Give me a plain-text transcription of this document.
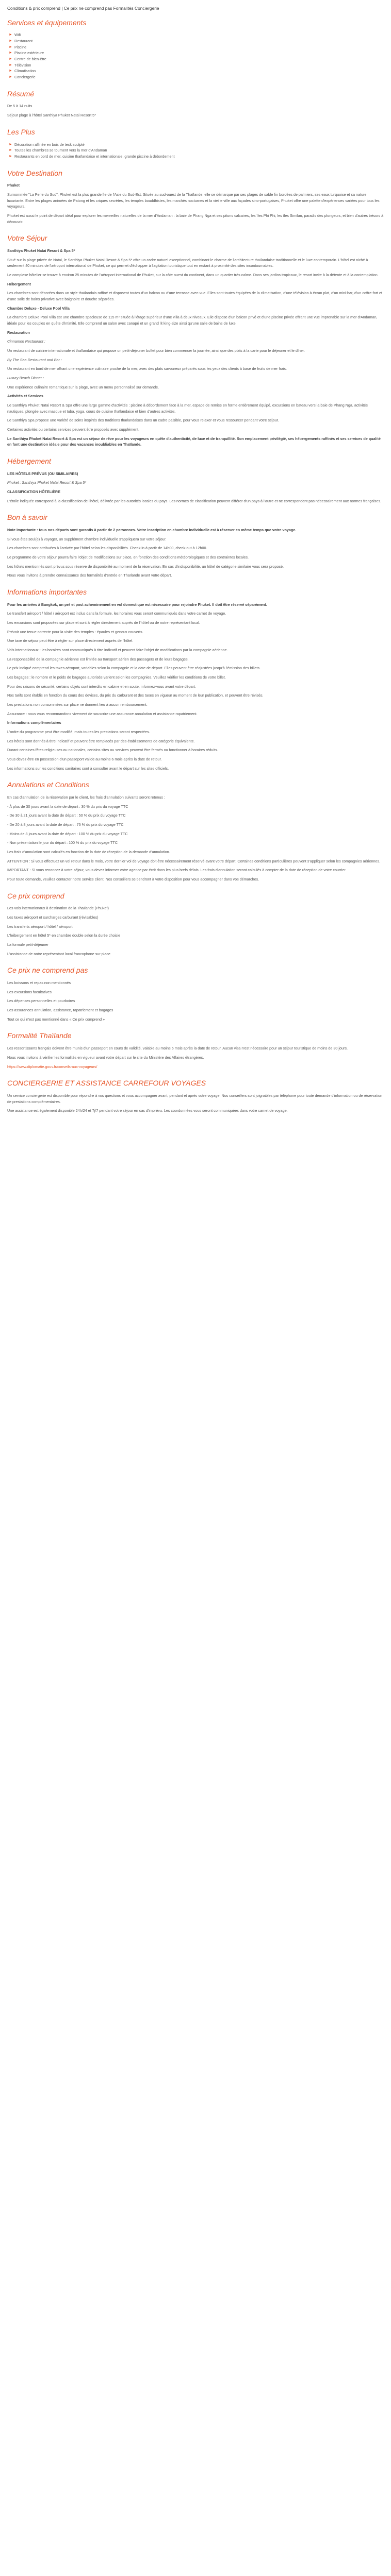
Conditions & prix comprend | Ce prix ne comprend pas Formalités Conciergerie
Services et équipements
► Wifi
► Restaurant
► Piscine
► Piscine extérieure
► Centre de bien-être
► Télévision
► Climatisation
► Conciergerie
Résumé

De 5 à 14 nuits

Séjour plage à l'hôtel Santhiya Phuket Natai Resort 5*

Les Plus
► Décoration raffinée en bois de teck sculpté
► Toutes les chambres se tournent vers la mer d'Andaman
► Restaurants en bord de mer, cuisine thaïlandaise et internationale, grande piscine à débordement
Votre Destination

Phuket

Surnommée "La Perle du Sud", Phuket est la plus grande île de l'Asie du Sud-Est. Située au sud-ouest de la Thaïlande, elle se démarque par ses plages de sable fin bordées de palmiers, ses eaux turquoise et sa nature luxuriante. Entre les plages animées de Patong et les criques secrètes, les temples bouddhistes, les marchés nocturnes et la vieille ville aux façades sino-portugaises, Phuket offre une palette d'expériences variées pour tous les voyageurs.

Phuket est aussi le point de départ idéal pour explorer les merveilles naturelles de la mer d'Andaman : la baie de Phang Nga et ses pitons calcaires, les îles Phi Phi, les îles Similan, paradis des plongeurs, et bien d'autres trésors à découvrir.

Votre Séjour

Santhiya Phuket Natai Resort & Spa 5*

Situé sur la plage privée de Natai, le Santhiya Phuket Natai Resort & Spa 5* offre un cadre naturel exceptionnel, combinant le charme de l'architecture thaïlandaise traditionnelle et le luxe contemporain. L'hôtel est niché à seulement 40 minutes de l'aéroport international de Phuket, ce qui permet d'échapper à l'agitation touristique tout en restant à proximité des sites incontournables.

Le complexe hôtelier se trouve à environ 25 minutes de l'aéroport international de Phuket, sur la côte ouest du continent, dans un quartier très calme. Dans ses jardins tropicaux, le resort invite à la détente et à la contemplation.

Hébergement

Les chambres sont décorées dans un style thaïlandais raffiné et disposent toutes d'un balcon ou d'une terrasse avec vue. Elles sont toutes équipées de la climatisation, d'une télévision à écran plat, d'un mini-bar, d'un coffre-fort et d'une salle de bains privative avec baignoire et douche séparées.

Chambre Deluxe - Deluxe Pool Villa

La chambre Deluxe Pool Villa est une chambre spacieuse de 115 m² située à l'étage supérieur d'une villa à deux niveaux. Elle dispose d'un balcon privé et d'une piscine privée offrant une vue imprenable sur la mer d'Andaman, idéale pour les couples en quête d'intimité. Elle comprend un salon avec canapé et un grand lit king-size ainsi qu'une salle de bains de luxe.

Restauration

Cinnamon Restaurant :

Un restaurant de cuisine internationale et thaïlandaise qui propose un petit-déjeuner buffet pour bien commencer la journée, ainsi que des plats à la carte pour le déjeuner et le dîner.

By The Sea Restaurant and Bar :

Un restaurant en bord de mer offrant une expérience culinaire proche de la mer, avec des plats savoureux préparés sous les yeux des clients à base de fruits de mer frais.

Luxury Beach Dinner :

Une expérience culinaire romantique sur la plage, avec un menu personnalisé sur demande.

Activités et Services

Le Santhiya Phuket Natai Resort & Spa offre une large gamme d'activités : piscine à débordement face à la mer, espace de remise en forme entièrement équipé, excursions en bateau vers la baie de Phang Nga, activités nautiques, plongée avec masque et tuba, yoga, cours de cuisine thaïlandaise et bien d'autres activités.

Le Santhiya Spa propose une variété de soins inspirés des traditions thaïlandaises dans un cadre paisible, pour vous relaxer et vous ressourcer pendant votre séjour.

Certaines activités ou certains services peuvent être proposés avec supplément.

Le Santhiya Phuket Natai Resort & Spa est un séjour de rêve pour les voyageurs en quête d'authenticité, de luxe et de tranquillité. Son emplacement privilégié, ses hébergements raffinés et ses services de qualité en font une destination idéale pour des vacances inoubliables en Thaïlande.

Hébergement

LES HÔTELS PRÉVUS (OU SIMILAIRES)

Phuket : Santhiya Phuket Natai Resort & Spa 5*

CLASSIFICATION HÔTELIÈRE

L'étoile indiquée correspond à la classification de l'hôtel, délivrée par les autorités locales du pays. Les normes de classification peuvent différer d'un pays à l'autre et ne correspondent pas nécessairement aux normes françaises.

Bon à savoir

Note importante : tous nos départs sont garantis à partir de 2 personnes. Votre inscription en chambre individuelle est à réserver en même temps que votre voyage.

Si vous êtes seul(e) à voyager, un supplément chambre individuelle s'appliquera sur votre séjour.

Les chambres sont attribuées à l'arrivée par l'hôtel selon les disponibilités. Check-in à partir de 14h00, check-out à 12h00.

Le programme de votre séjour pourra faire l'objet de modifications sur place, en fonction des conditions météorologiques et des contraintes locales.

Les hôtels mentionnés sont prévus sous réserve de disponibilité au moment de la réservation. En cas d'indisponibilité, un hôtel de catégorie similaire vous sera proposé.

Nous vous invitons à prendre connaissance des formalités d'entrée en Thaïlande avant votre départ.

Informations importantes

Pour les arrivées à Bangkok, un pré et post acheminement en vol domestique est nécessaire pour rejoindre Phuket. Il doit être réservé séparément.

Le transfert aéroport / hôtel / aéroport est inclus dans la formule, les horaires vous seront communiqués dans votre carnet de voyage.

Les excursions sont proposées sur place et sont à régler directement auprès de l'hôtel ou de notre représentant local.

Prévoir une tenue correcte pour la visite des temples : épaules et genoux couverts.

Une taxe de séjour peut être à régler sur place directement auprès de l'hôtel.

Vols internationaux : les horaires sont communiqués à titre indicatif et peuvent faire l'objet de modifications par la compagnie aérienne.

La responsabilité de la compagnie aérienne est limitée au transport aérien des passagers et de leurs bagages.

Le prix indiqué comprend les taxes aéroport, variables selon la compagnie et la date de départ. Elles peuvent être réajustées jusqu'à l'émission des billets.

Les bagages : le nombre et le poids de bagages autorisés varient selon les compagnies. Veuillez vérifier les conditions de votre billet.

Pour des raisons de sécurité, certains objets sont interdits en cabine et en soute, informez-vous avant votre départ.

Nos tarifs sont établis en fonction du cours des devises, du prix du carburant et des taxes en vigueur au moment de leur publication, et peuvent être révisés.

Les prestations non consommées sur place ne donnent lieu à aucun remboursement.

Assurance : nous vous recommandons vivement de souscrire une assurance annulation et assistance rapatriement.

Informations complémentaires

L'ordre du programme peut être modifié, mais toutes les prestations seront respectées.

Les hôtels sont donnés à titre indicatif et peuvent être remplacés par des établissements de catégorie équivalente.

Durant certaines fêtes religieuses ou nationales, certains sites ou services peuvent être fermés ou fonctionner à horaires réduits.

Vous devez être en possession d'un passeport valide au moins 6 mois après la date de retour.

Les informations sur les conditions sanitaires sont à consulter avant le départ sur les sites officiels.

Annulations et Conditions

En cas d'annulation de la réservation par le client, les frais d'annulation suivants seront retenus :

- À plus de 30 jours avant la date de départ : 30 % du prix du voyage TTC

- De 30 à 21 jours avant la date de départ : 50 % du prix du voyage TTC

- De 20 à 8 jours avant la date de départ : 75 % du prix du voyage TTC

- Moins de 8 jours avant la date de départ : 100 % du prix du voyage TTC

- Non présentation le jour du départ : 100 % du prix du voyage TTC

Les frais d'annulation sont calculés en fonction de la date de réception de la demande d'annulation.

ATTENTION : Si vous effectuez un vol retour dans le mois, votre dernier vol de voyage doit être nécessairement réservé avant votre départ. Certaines conditions particulières peuvent s'appliquer selon les compagnies aériennes.

IMPORTANT : Si vous renoncez à votre séjour, vous devez informer votre agence par écrit dans les plus brefs délais. Les frais d'annulation seront calculés à compter de la date de réception de votre courrier.

Pour toute demande, veuillez contacter notre service client. Nos conseillers se tiendront à votre disposition pour vous accompagner dans vos démarches.

Ce prix comprend

Les vols internationaux à destination de la Thaïlande (Phuket)

Les taxes aéroport et surcharges carburant (révisables)

Les transferts aéroport / hôtel / aéroport

L'hébergement en hôtel 5* en chambre double selon la durée choisie

La formule petit-déjeuner

L'assistance de notre représentant local francophone sur place

Ce prix ne comprend pas

Les boissons et repas non mentionnés

Les excursions facultatives

Les dépenses personnelles et pourboires

Les assurances annulation, assistance, rapatriement et bagages

Tout ce qui n'est pas mentionné dans « Ce prix comprend »

Formalité Thaïlande

Les ressortissants français doivent être munis d'un passeport en cours de validité, valable au moins 6 mois après la date de retour. Aucun visa n'est nécessaire pour un séjour touristique de moins de 30 jours.

Nous vous invitons à vérifier les formalités en vigueur avant votre départ sur le site du Ministère des Affaires étrangères.

https://www.diplomatie.gouv.fr/conseils-aux-voyageurs/

CONCIERGERIE ET ASSISTANCE CARREFOUR VOYAGES

Un service conciergerie est disponible pour répondre à vos questions et vous accompagner avant, pendant et après votre voyage. Nos conseillers sont joignables par téléphone pour toute demande d'information ou de réservation de prestations complémentaires.

Une assistance est également disponible 24h/24 et 7j/7 pendant votre séjour en cas d'imprévu. Les coordonnées vous seront communiquées dans votre carnet de voyage.
